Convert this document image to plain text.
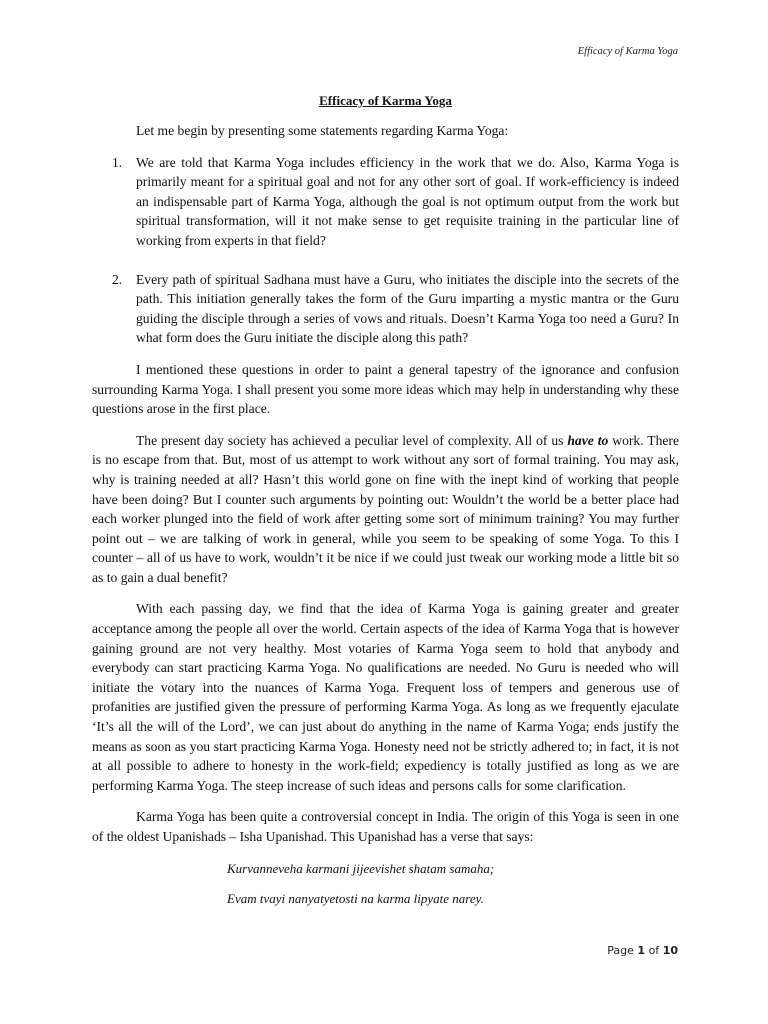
Efficacy of Karma Yoga
Efficacy of Karma Yoga

Let me begin by presenting some statements regarding Karma Yoga:

1.	We are told that Karma Yoga includes efficiency in the work that we do. Also, Karma Yoga is primarily meant for a spiritual goal and not for any other sort of goal. If work-efficiency is indeed an indispensable part of Karma Yoga, although the goal is not optimum output from the work but spiritual transformation, will it not make sense to get requisite training in the particular line of working from experts in that field?

2.	Every path of spiritual Sadhana must have a Guru, who initiates the disciple into the secrets of the path. This initiation generally takes the form of the Guru imparting a mystic mantra or the Guru guiding the disciple through a series of vows and rituals. Doesn’t Karma Yoga too need a Guru? In what form does the Guru initiate the disciple along this path?

I mentioned these questions in order to paint a general tapestry of the ignorance and confusion surrounding Karma Yoga. I shall present you some more ideas which may help in understanding why these questions arose in the first place.

The present day society has achieved a peculiar level of complexity. All of us have to work. There is no escape from that. But, most of us attempt to work without any sort of formal training. You may ask, why is training needed at all? Hasn’t this world gone on fine with the inept kind of working that people have been doing? But I counter such arguments by pointing out: Wouldn’t the world be a better place had each worker plunged into the field of work after getting some sort of minimum training? You may further point out – we are talking of work in general, while you seem to be speaking of some Yoga. To this I counter – all of us have to work, wouldn’t it be nice if we could just tweak our working mode a little bit so as to gain a dual benefit?

With each passing day, we find that the idea of Karma Yoga is gaining greater and greater acceptance among the people all over the world. Certain aspects of the idea of Karma Yoga that is however gaining ground are not very healthy. Most votaries of Karma Yoga seem to hold that anybody and everybody can start practicing Karma Yoga. No qualifications are needed. No Guru is needed who will initiate the votary into the nuances of Karma Yoga. Frequent loss of tempers and generous use of profanities are justified given the pressure of performing Karma Yoga. As long as we frequently ejaculate ‘It’s all the will of the Lord’, we can just about do anything in the name of Karma Yoga; ends justify the means as soon as you start practicing Karma Yoga. Honesty need not be strictly adhered to; in fact, it is not at all possible to adhere to honesty in the work-field; expediency is totally justified as long as we are performing Karma Yoga. The steep increase of such ideas and persons calls for some clarification.

Karma Yoga has been quite a controversial concept in India. The origin of this Yoga is seen in one of the oldest Upanishads – Isha Upanishad. This Upanishad has a verse that says:

Kurvanneveha karmani jijeevishet shatam samaha;
Evam tvayi nanyatyetosti na karma lipyate narey.
Page 1 of 10
